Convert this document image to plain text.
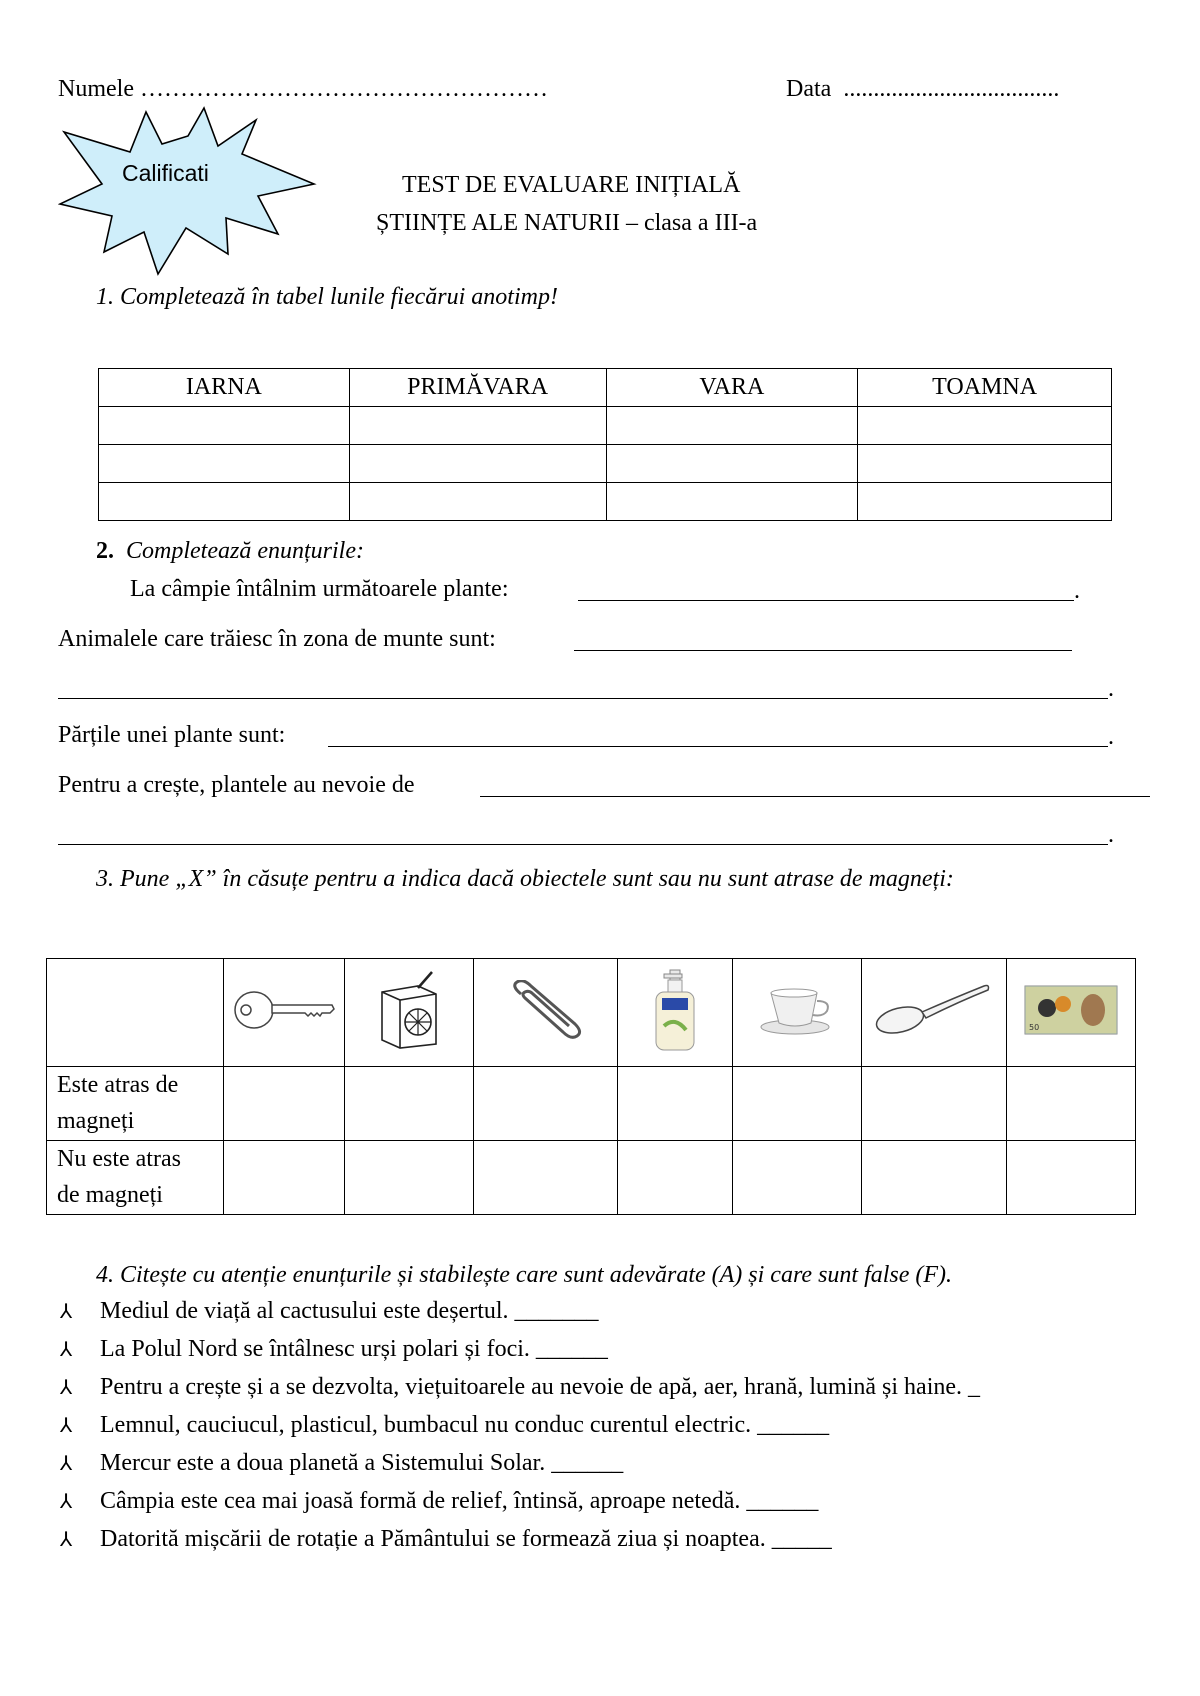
Numele ……………………………………………	Data ....................................
Calificati	TEST DE EVALUARE INIȚIALĂ
ȘTIINȚE ALE NATURII – clasa a III-a
1. Completează în tabel lunile fiecărui anotimp!
IARNA	PRIMĂVARA	VARA	TOAMNA

2. Completează enunțurile:
La câmpie întâlnim următoarele plante:	.
Animalele care trăiesc în zona de munte sunt:
.
Părțile unei plante sunt:	.
Pentru a crește, plantele au nevoie de
.
3. Pune „X” în căsuțe pentru a indica dacă obiectele sunt sau nu sunt atrase de magneți:

50

Este atras de
magneți							
Nu este atras
de magneți							
4. Citește cu atenție enunțurile și stabilește care sunt adevărate (A) și care sunt false (F).
⅄ Mediul de viață al cactusului este deșertul. _______
⅄ La Polul Nord se întâlnesc urși polari și foci. ______
⅄ Pentru a crește și a se dezvolta, viețuitoarele au nevoie de apă, aer, hrană, lumină și haine. _
⅄ Lemnul, cauciucul, plasticul, bumbacul nu conduc curentul electric. ______
⅄ Mercur este a doua planetă a Sistemului Solar. ______
⅄ Câmpia este cea mai joasă formă de relief, întinsă, aproape netedă. ______
⅄ Datorită mișcării de rotație a Pământului se formează ziua și noaptea. _____
